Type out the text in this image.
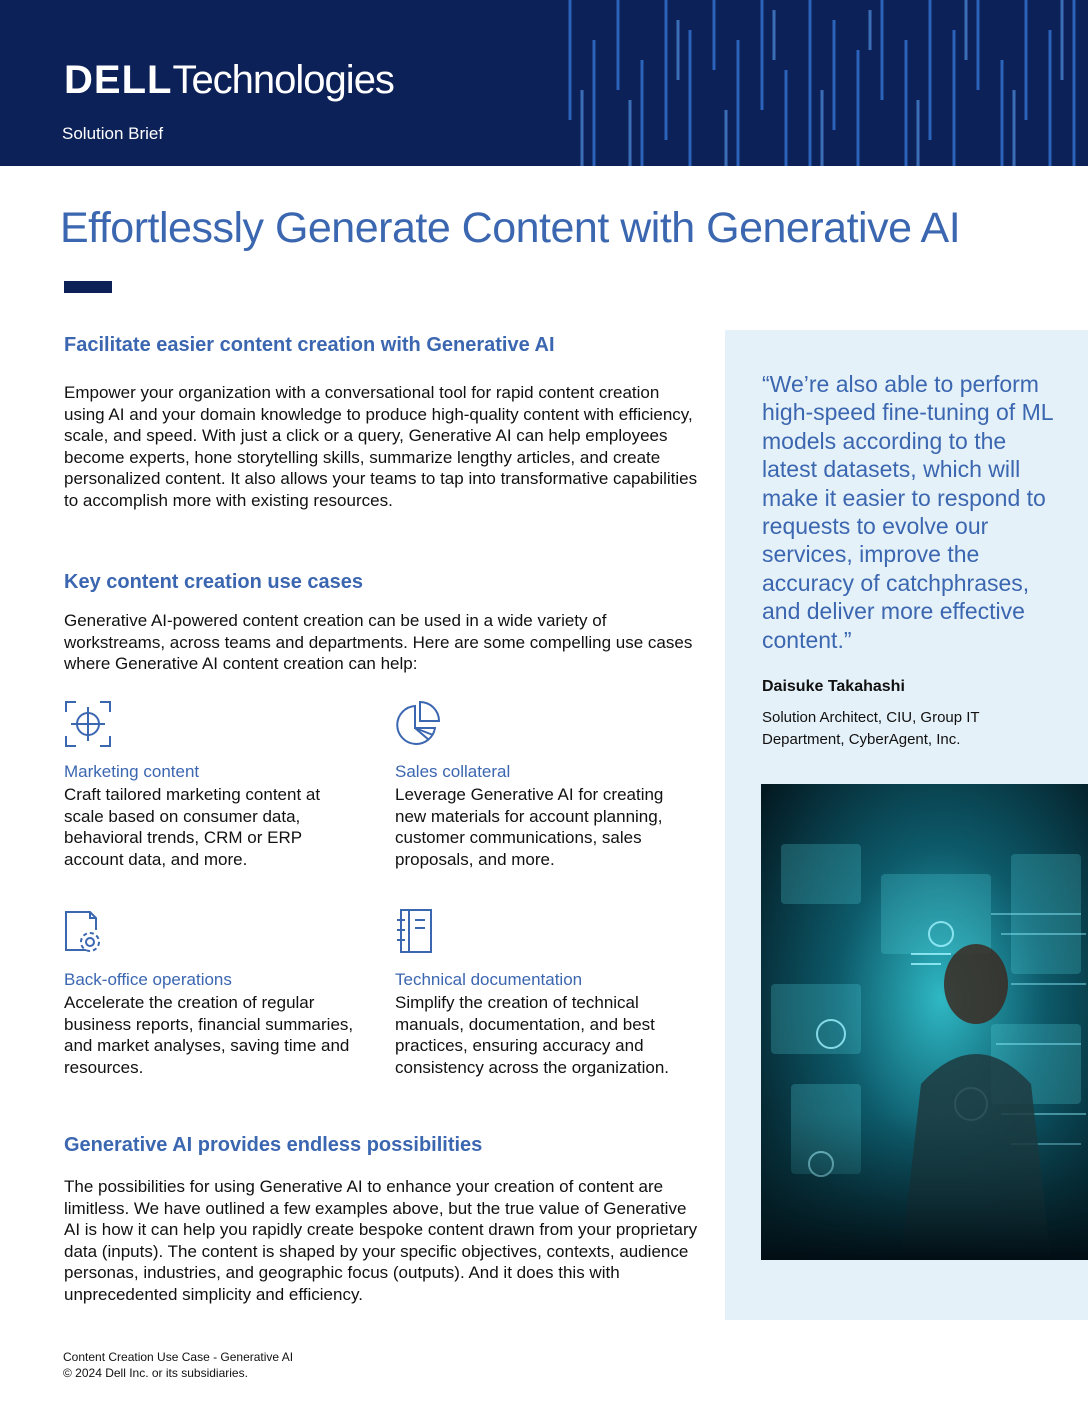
DELLTechnologies
Solution Brief
Effortlessly Generate Content with Generative AI
Facilitate easier content creation with Generative AI

Empower your organization with a conversational tool for rapid content creation using AI and your domain knowledge to produce high-quality content with efficiency, scale, and speed. With just a click or a query, Generative AI can help employees become experts, hone storytelling skills, summarize lengthy articles, and create personalized content. It also allows your teams to tap into transformative capabilities to accomplish more with existing resources.

Key content creation use cases

Generative AI-powered content creation can be used in a wide variety of workstreams, across teams and departments. Here are some compelling use cases where Generative AI content creation can help:

Marketing content
Craft tailored marketing content at scale based on consumer data, behavioral trends, CRM or ERP account data, and more.
Sales collateral
Leverage Generative AI for creating new materials for account planning, customer communications, sales proposals, and more.
Back-office operations
Accelerate the creation of regular business reports, financial summaries, and market analyses, saving time and resources.
Technical documentation
Simplify the creation of technical manuals, documentation, and best practices, ensuring accuracy and consistency across the organization.
Generative AI provides endless possibilities

The possibilities for using Generative AI to enhance your creation of content are limitless. We have outlined a few examples above, but the true value of Generative AI is how it can help you rapidly create bespoke content drawn from your proprietary data (inputs). The content is shaped by your specific objectives, contexts, audience personas, industries, and geographic focus (outputs). And it does this with unprecedented simplicity and efficiency.

“We’re also able to perform high-speed fine-tuning of ML models according to the latest datasets, which will make it easier to respond to requests to evolve our services, improve the accuracy of catchphrases, and deliver more effective content.”

Daisuke Takahashi
Solution Architect, CIU, Group IT Department, CyberAgent, Inc.
Content Creation Use Case - Generative AI
© 2024 Dell Inc. or its subsidiaries.
